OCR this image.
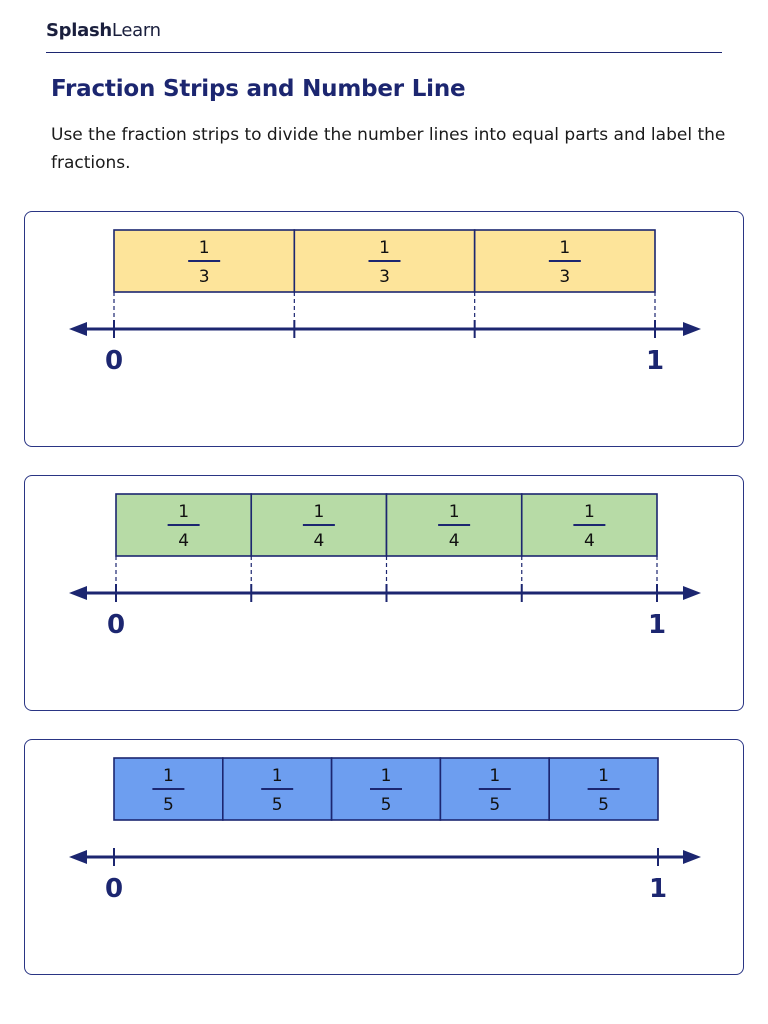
SplashLearn
Fraction Strips and Number Line

Use the fraction strips to divide the number lines into equal parts and label the fractions.

1
3
1
3
1
3
0	1
1
4
1
4
1
4
1
4
0	1
1
5
1
5
1
5
1
5
1
5
0	1
